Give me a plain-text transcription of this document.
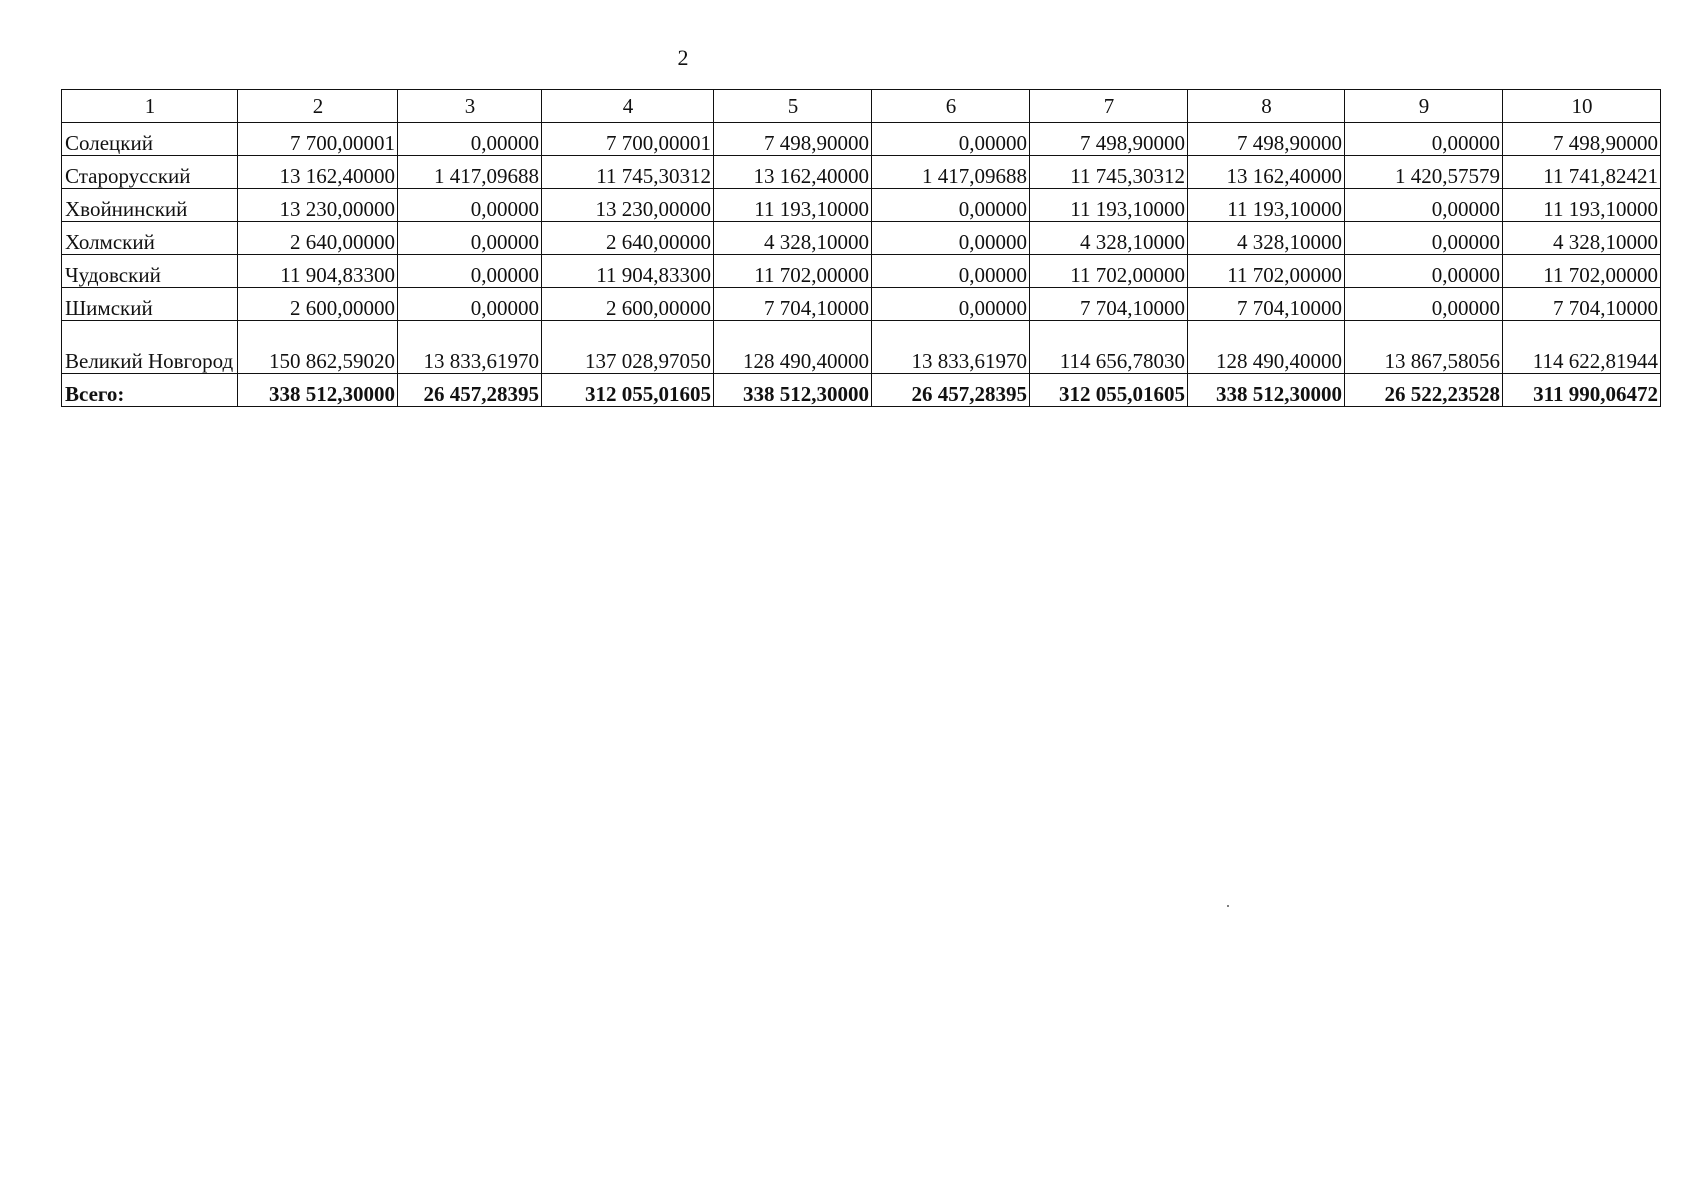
2
1	2	3	4	5	6	7	8	9	10
Солецкий	7 700,00001	0,00000	7 700,00001	7 498,90000	0,00000	7 498,90000	7 498,90000	0,00000	7 498,90000
Старорусский	13 162,40000	1 417,09688	11 745,30312	13 162,40000	1 417,09688	11 745,30312	13 162,40000	1 420,57579	11 741,82421
Хвойнинский	13 230,00000	0,00000	13 230,00000	11 193,10000	0,00000	11 193,10000	11 193,10000	0,00000	11 193,10000
Холмский	2 640,00000	0,00000	2 640,00000	4 328,10000	0,00000	4 328,10000	4 328,10000	0,00000	4 328,10000
Чудовский	11 904,83300	0,00000	11 904,83300	11 702,00000	0,00000	11 702,00000	11 702,00000	0,00000	11 702,00000
Шимский	2 600,00000	0,00000	2 600,00000	7 704,10000	0,00000	7 704,10000	7 704,10000	0,00000	7 704,10000
Великий Новгород	150 862,59020	13 833,61970	137 028,97050	128 490,40000	13 833,61970	114 656,78030	128 490,40000	13 867,58056	114 622,81944
Всего:	338 512,30000	26 457,28395	312 055,01605	338 512,30000	26 457,28395	312 055,01605	338 512,30000	26 522,23528	311 990,06472
